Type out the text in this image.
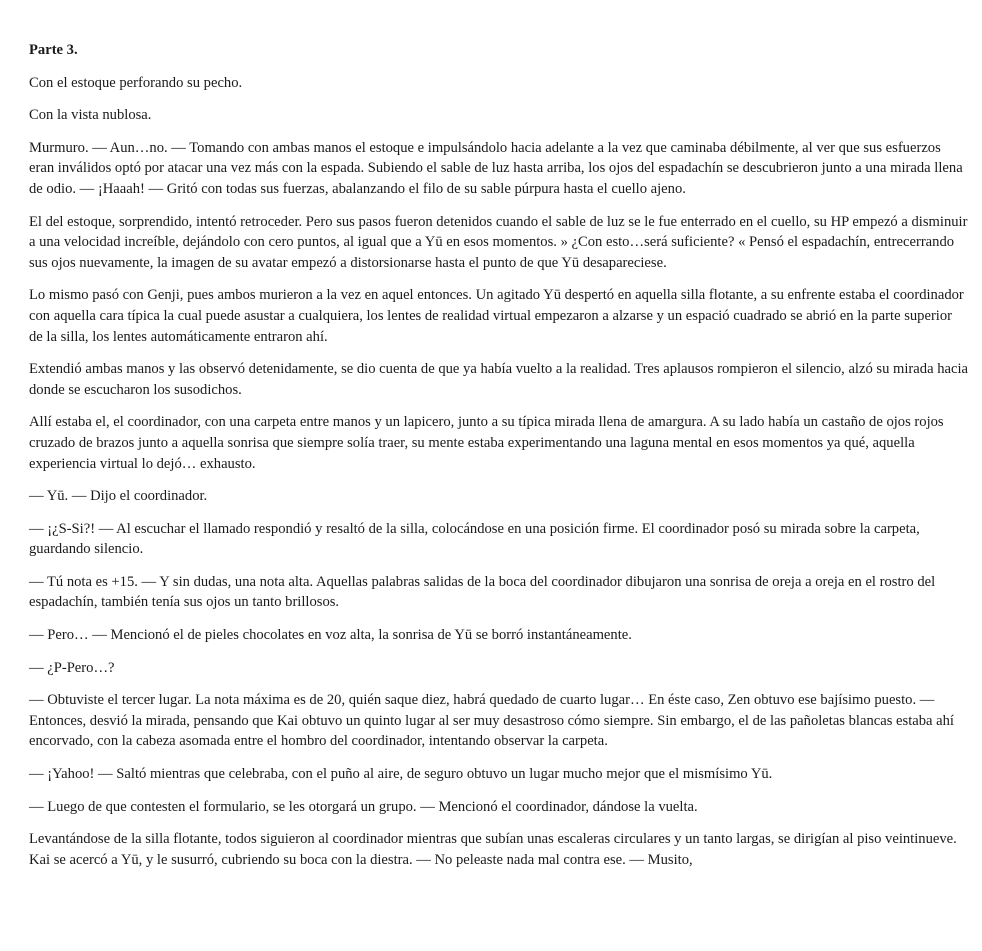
Parte 3.

Con el estoque perforando su pecho.

Con la vista nublosa.

Murmuro. — Aun…no. — Tomando con ambas manos el estoque e impulsándolo hacia adelante a la vez que caminaba débilmente, al ver que sus esfuerzos eran inválidos optó por atacar una vez más con la espada. Subiendo el sable de luz hasta arriba, los ojos del espadachín se descubrieron junto a una mirada llena de odio. — ¡Haaah! — Gritó con todas sus fuerzas, abalanzando el filo de su sable púrpura hasta el cuello ajeno.

El del estoque, sorprendido, intentó retroceder. Pero sus pasos fueron detenidos cuando el sable de luz se le fue enterrado en el cuello, su HP empezó a disminuir a una velocidad increíble, dejándolo con cero puntos, al igual que a Yū en esos momentos. » ¿Con esto…será suficiente? « Pensó el espadachín, entrecerrando sus ojos nuevamente, la imagen de su avatar empezó a distorsionarse hasta el punto de que Yū desapareciese.

Lo mismo pasó con Genji, pues ambos murieron a la vez en aquel entonces. Un agitado Yū despertó en aquella silla flotante, a su enfrente estaba el coordinador con aquella cara típica la cual puede asustar a cualquiera, los lentes de realidad virtual empezaron a alzarse y un espació cuadrado se abrió en la parte superior de la silla, los lentes automáticamente entraron ahí.

Extendió ambas manos y las observó detenidamente, se dio cuenta de que ya había vuelto a la realidad. Tres aplausos rompieron el silencio, alzó su mirada hacia donde se escucharon los susodichos.

Allí estaba el, el coordinador, con una carpeta entre manos y un lapicero, junto a su típica mirada llena de amargura. A su lado había un castaño de ojos rojos cruzado de brazos junto a aquella sonrisa que siempre solía traer, su mente estaba experimentando una laguna mental en esos momentos ya qué, aquella experiencia virtual lo dejó… exhausto.

— Yū. — Dijo el coordinador.

— ¡¿S-Si?! — Al escuchar el llamado respondió y resaltó de la silla, colocándose en una posición firme. El coordinador posó su mirada sobre la carpeta, guardando silencio.

— Tú nota es +15. — Y sin dudas, una nota alta. Aquellas palabras salidas de la boca del coordinador dibujaron una sonrisa de oreja a oreja en el rostro del espadachín, también tenía sus ojos un tanto brillosos.

— Pero… — Mencionó el de pieles chocolates en voz alta, la sonrisa de Yū se borró instantáneamente.

— ¿P-Pero…?

— Obtuviste el tercer lugar. La nota máxima es de 20, quién saque diez, habrá quedado de cuarto lugar… En éste caso, Zen obtuvo ese bajísimo puesto. — Entonces, desvió la mirada, pensando que Kai obtuvo un quinto lugar al ser muy desastroso cómo siempre. Sin embargo, el de las pañoletas blancas estaba ahí encorvado, con la cabeza asomada entre el hombro del coordinador, intentando observar la carpeta.

— ¡Yahoo! — Saltó mientras que celebraba, con el puño al aire, de seguro obtuvo un lugar mucho mejor que el mismísimo Yū.

— Luego de que contesten el formulario, se les otorgará un grupo. — Mencionó el coordinador, dándose la vuelta.

Levantándose de la silla flotante, todos siguieron al coordinador mientras que subían unas escaleras circulares y un tanto largas, se dirigían al piso veintinueve. Kai se acercó a Yū, y le susurró, cubriendo su boca con la diestra. — No peleaste nada mal contra ese. — Musito,
